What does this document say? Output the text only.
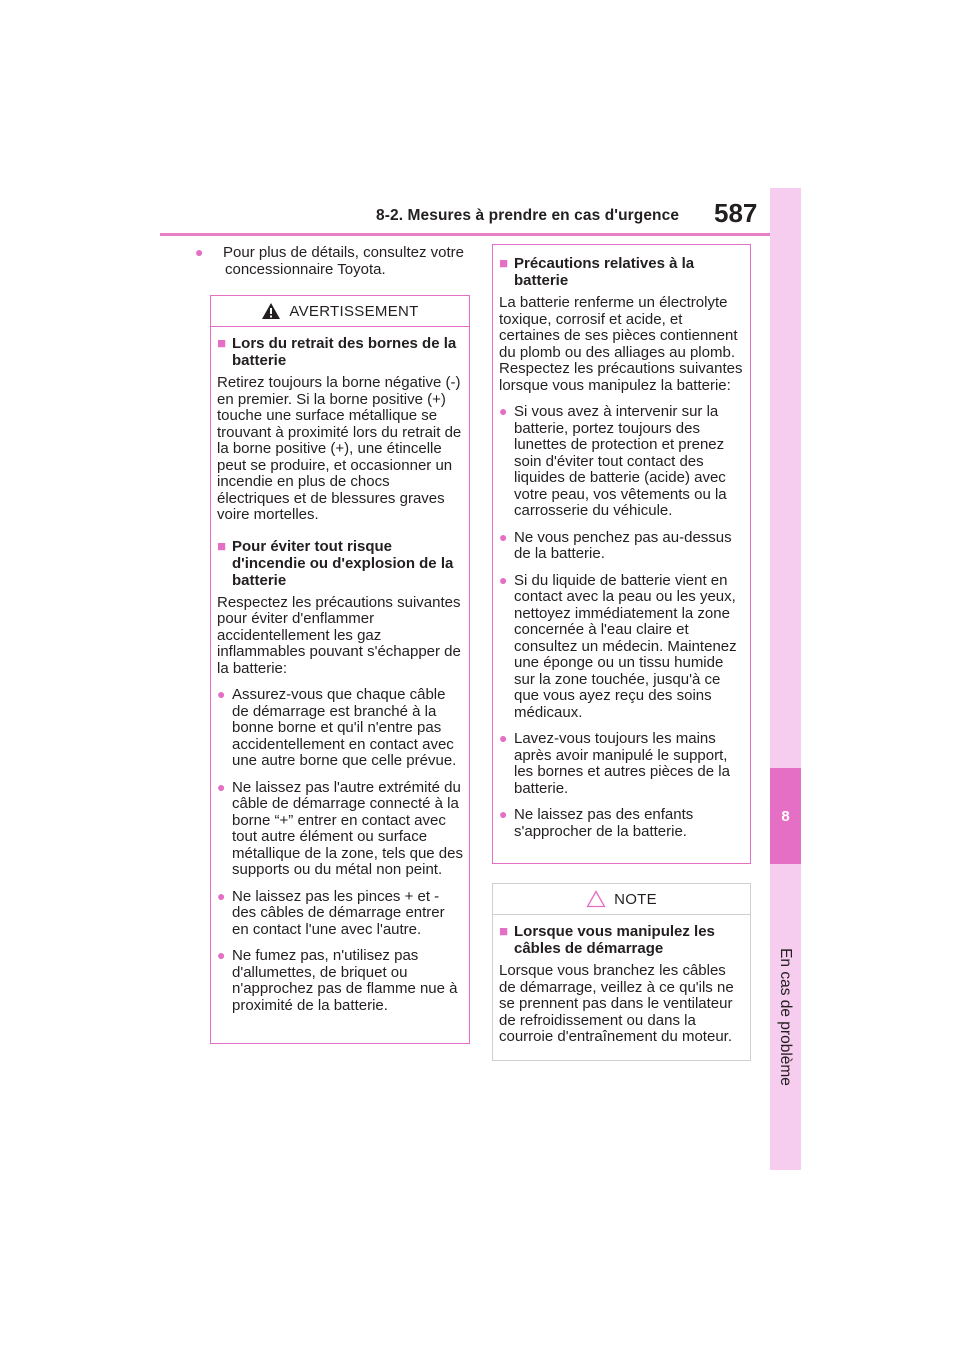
8-2. Mesures à prendre en cas d'urgence 587
8
En cas de problème
● Pour plus de détails, consultez votre concessionnaire Toyota.
AVERTISSEMENT
■ Lors du retrait des bornes de la batterie

Retirez toujours la borne négative (-) en premier. Si la borne positive (+) touche une surface métallique se trouvant à proximité lors du retrait de la borne positive (+), une étincelle peut se produire, et occasionner un incendie en plus de chocs électriques et de blessures graves voire mortelles.

■ Pour éviter tout risque d'incendie ou d'explosion de la batterie

Respectez les précautions suivantes pour éviter d'enflammer accidentellement les gaz inflammables pouvant s'échapper de la batterie:

● Assurez-vous que chaque câble de démarrage est branché à la bonne borne et qu'il n'entre pas accidentellement en contact avec une autre borne que celle prévue.
● Ne laissez pas l'autre extrémité du câble de démarrage connecté à la borne “+” entrer en contact avec tout autre élément ou surface métallique de la zone, tels que des supports ou du métal non peint.
● Ne laissez pas les pinces + et - des câbles de démarrage entrer en contact l'une avec l'autre.
● Ne fumez pas, n'utilisez pas d'allumettes, de briquet ou n'approchez pas de flamme nue à proximité de la batterie.
■ Précautions relatives à la batterie

La batterie renferme un électrolyte toxique, corrosif et acide, et certaines de ses pièces contiennent du plomb ou des alliages au plomb. Respectez les précautions suivantes lorsque vous manipulez la batterie:

● Si vous avez à intervenir sur la batterie, portez toujours des lunettes de protection et prenez soin d'éviter tout contact des liquides de batterie (acide) avec votre peau, vos vêtements ou la carrosserie du véhicule.
● Ne vous penchez pas au-dessus de la batterie.
● Si du liquide de batterie vient en contact avec la peau ou les yeux, nettoyez immédiatement la zone concernée à l'eau claire et consultez un médecin. Maintenez une éponge ou un tissu humide sur la zone touchée, jusqu'à ce que vous ayez reçu des soins médicaux.
● Lavez-vous toujours les mains après avoir manipulé le support, les bornes et autres pièces de la batterie.
● Ne laissez pas des enfants s'approcher de la batterie.
NOTE
■ Lorsque vous manipulez les câbles de démarrage

Lorsque vous branchez les câbles de démarrage, veillez à ce qu'ils ne se prennent pas dans le ventilateur de refroidissement ou dans la courroie d'entraînement du moteur.
